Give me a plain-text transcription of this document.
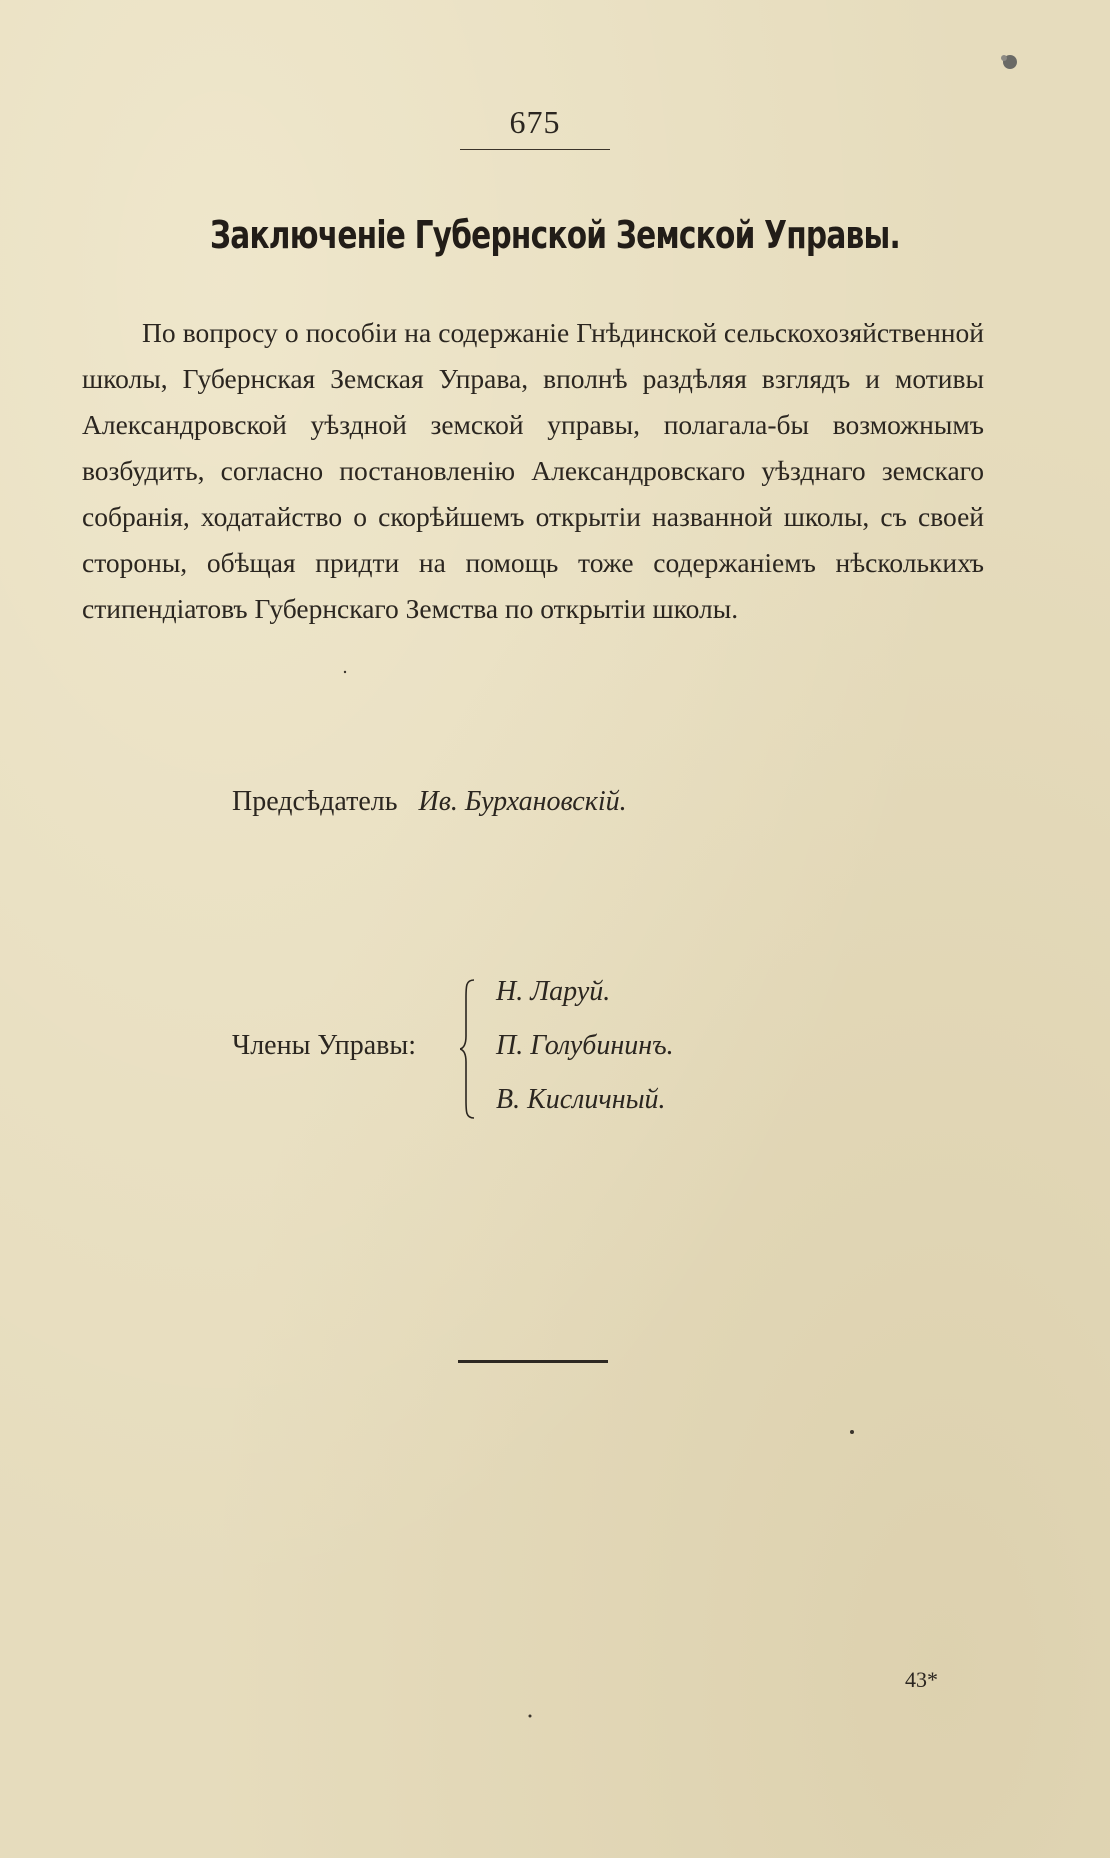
675
Заключеніе Губернской Земской Управы.

По вопросу о пособіи на содержаніе Гнѣдинской сельскохозяйственной школы, Губернская Земская Управа, вполнѣ раздѣляя взглядъ и мотивы Александровской уѣздной земской управы, полагала-бы возможнымъ возбудить, согласно постановленію Александровскаго уѣзднаго земскаго собранія, ходатайство о скорѣйшемъ открытіи названной школы, съ своей стороны, обѣщая придти на помощь тоже содержаніемъ нѣсколькихъ стипендіатовъ Губернскаго Земства по открытіи школы.

Предсѣдатель Ив. Бурхановскій.
Члены Управы:
Н. Ларуй.
П. Голубининъ.
В. Кисличный.
43*
